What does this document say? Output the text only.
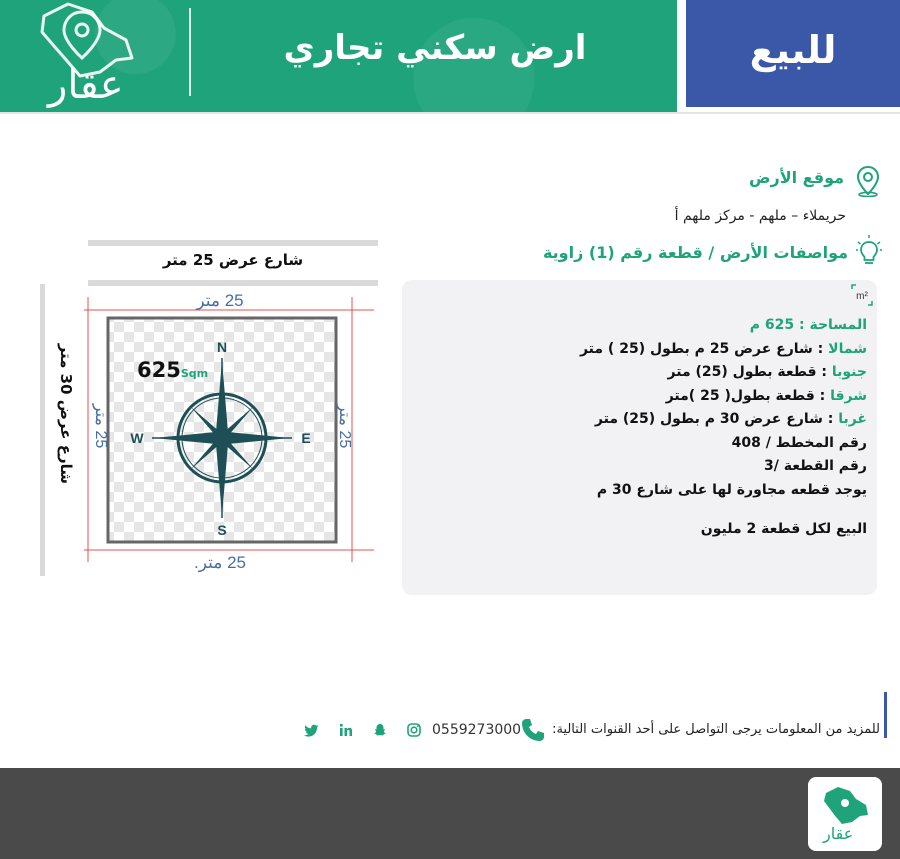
عقار
ارض سكني تجاري	للبيع
موقع الأرض
حريملاء – ملهم - مركز ملهم أ
مواصفات الأرض / قطعة رقم (1) زاوية
شارع عرض 25 متر
شارع عرض 30 متر
25 متر
25 متر.
25 متر
25 متر
N
S
E
W
625Sqm
m²
المساحة : 625 م
شمالا : شارع عرض 25 م بطول (25 ) متر
جنوبا : قطعة بطول (25) متر
شرقا : قطعة بطول( 25 )متر
غربا : شارع عرض 30 م بطول (25) متر
رقم المخطط / 408
رقم القطعة /3
يوجد قطعه مجاورة لها على شارع 30 م
البيع لكل قطعة 2 مليون
للمزيد من المعلومات يرجى التواصل على أحد القنوات التالية:
0559273000
عقار
